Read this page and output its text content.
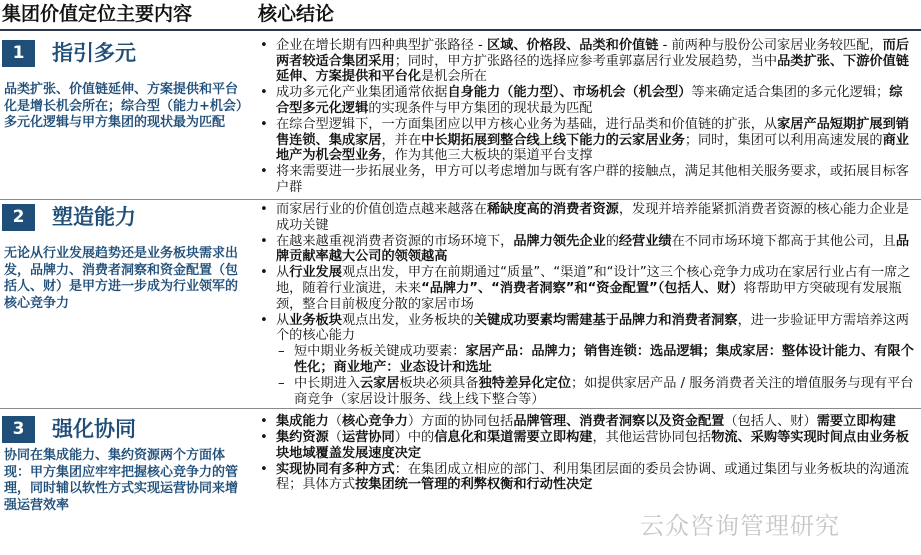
集团价值定位主要内容	核心结论
1	指引多元
品类扩张、价值链延伸、方案提供和平台化是增长机会所在；综合型（能力+机会）多元化逻辑与甲方集团的现状最为匹配
• 企业在增长期有四种典型扩张路径 - 区域、价格段、品类和价值链 - 前两种与股份公司家居业务较匹配，而后两者较适合集团采用；同时，甲方扩张路径的选择应参考重郭嘉居行业发展趋势，当中品类扩张、下游价值链延伸、方案提供和平台化是机会所在
• 成功多元化产业集团通常依据自身能力（能力型）、市场机会（机会型）等来确定适合集团的多元化逻辑；综合型多元化逻辑的实现条件与甲方集团的现状最为匹配
• 在综合型逻辑下，一方面集团应以甲方核心业务为基础，进行品类和价值链的扩张，从家居产品短期扩展到销售连锁、集成家居，并在中长期拓展到整合线上线下能力的云家居业务；同时，集团可以利用高速发展的商业地产为机会型业务，作为其他三大板块的渠道平台支撑
• 将来需要进一步拓展业务，甲方可以考虑增加与既有客户群的接触点，满足其他相关服务要求，或拓展目标客户群
2	塑造能力
无论从行业发展趋势还是业务板块需求出发，品牌力、消费者洞察和资金配置（包括人、财）是甲方进一步成为行业领军的核心竞争力
• 而家居行业的价值创造点越来越落在稀缺度高的消费者资源，发现并培养能紧抓消费者资源的核心能力企业是成功关键
• 在越来越重视消费者资源的市场环境下，品牌力领先企业的经营业绩在不同市场环境下都高于其他公司，且品牌贡献率越大公司的领领越高
• 从行业发展观点出发，甲方在前期通过“质量”、“渠道”和“设计”这三个核心竞争力成功在家居行业占有一席之地，随着行业演进，未来“品牌力”、“消费者洞察”和“资金配置”（包括人、财）将帮助甲方突破现有发展瓶颈，整合目前极度分散的家居市场
• 从业务板块观点出发，业务板块的关键成功要素均需建基于品牌力和消费者洞察，进一步验证甲方需培养这两个的核心能力
– 短中期业务板关键成功要素：家居产品：品牌力；销售连锁：选品逻辑；集成家居：整体设计能力、有限个性化；商业地产：业态设计和选址
– 中长期进入云家居板块必须具备独特差异化定位；如提供家居产品 / 服务消费者关注的增值服务与现有平台商竞争（家居设计服务、线上线下整合等）
3	强化协同
协同在集成能力、集约资源两个方面体现：甲方集团应牢牢把握核心竞争力的管理，同时辅以软性方式实现运营协同来增强运营效率
• 集成能力（核心竞争力）方面的协同包括品牌管理、消费者洞察以及资金配置（包括人、财）需要立即构建
• 集约资源（运营协同）中的信息化和渠道需要立即构建，其他运营协同包括物流、采购等实现时间点由业务板块地域覆盖发展速度决定
• 实现协同有多种方式：在集团成立相应的部门、利用集团层面的委员会协调、或通过集团与业务板块的沟通流程；具体方式按集团统一管理的利弊权衡和行动性决定
云众咨询管理研究
